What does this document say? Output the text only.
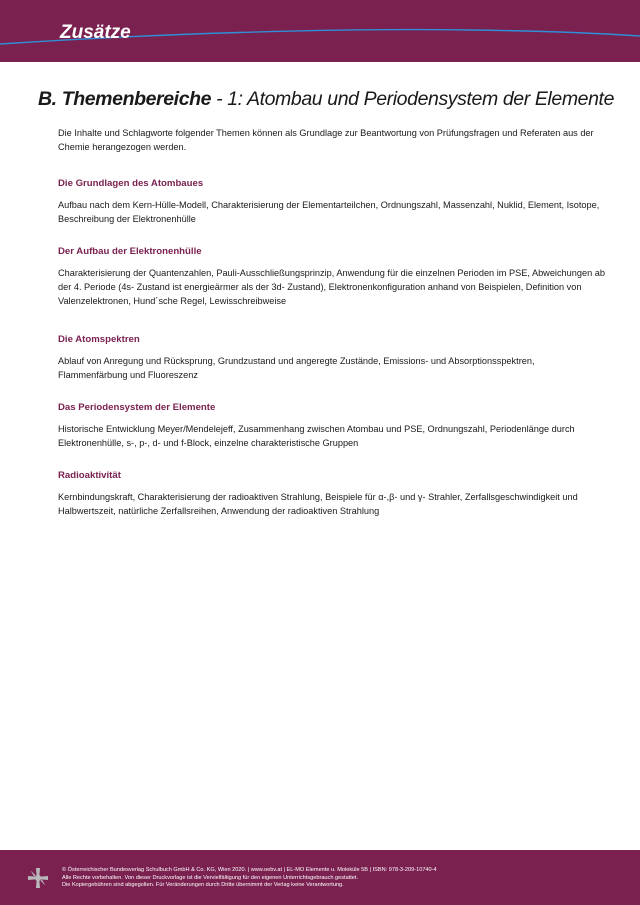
Zusätze
B. Themenbereiche - 1: Atombau und Periodensystem der Elemente

Die Inhalte und Schlagworte folgender Themen können als Grundlage zur Beantwortung von Prüfungsfragen und Referaten aus der Chemie herangezogen werden.

Die Grundlagen des Atombaues

Aufbau nach dem Kern-Hülle-Modell, Charakterisierung der Elementarteilchen, Ordnungszahl, Massenzahl, Nuklid, Element, Isotope, Beschreibung der Elektronenhülle

Der Aufbau der Elektronenhülle

Charakterisierung der Quantenzahlen, Pauli-Ausschließungsprinzip, Anwendung für die einzelnen Perioden im PSE, Abweichungen ab der 4. Periode (4s- Zustand ist energieärmer als der 3d- Zustand), Elektronenkonfiguration anhand von Beispielen, Definition von Valenzelektronen, Hund´sche Regel, Lewisschreibweise

Die Atomspektren

Ablauf von Anregung und Rücksprung, Grundzustand und angeregte Zustände, Emissions- und Absorptionsspektren, Flammenfärbung und Fluoreszenz

Das Periodensystem der Elemente

Historische Entwicklung Meyer/Mendelejeff, Zusammenhang zwischen Atombau und PSE, Ordnungszahl, Periodenlänge durch Elektronenhülle, s-, p-, d- und f-Block, einzelne charakteristische Gruppen

Radioaktivität

Kernbindungskraft, Charakterisierung der radioaktiven Strahlung, Beispiele für α-,β- und γ- Strahler, Zerfallsgeschwindigkeit und Halbwertszeit, natürliche Zerfallsreihen, Anwendung der radioaktiven Strahlung

© Österreichischer Bundesverlag Schulbuch GmbH & Co. KG, Wien 2020. | www.oebv.at | EL-MO Elemente u. Moleküle 5B | ISBN: 978-3-209-10740-4
Alle Rechte vorbehalten. Von dieser Druckvorlage ist die Vervielfältigung für den eigenen Unterrichtsgebrauch gestattet.
Die Kopiergebühren sind abgegolten. Für Veränderungen durch Dritte übernimmt der Verlag keine Verantwortung.
